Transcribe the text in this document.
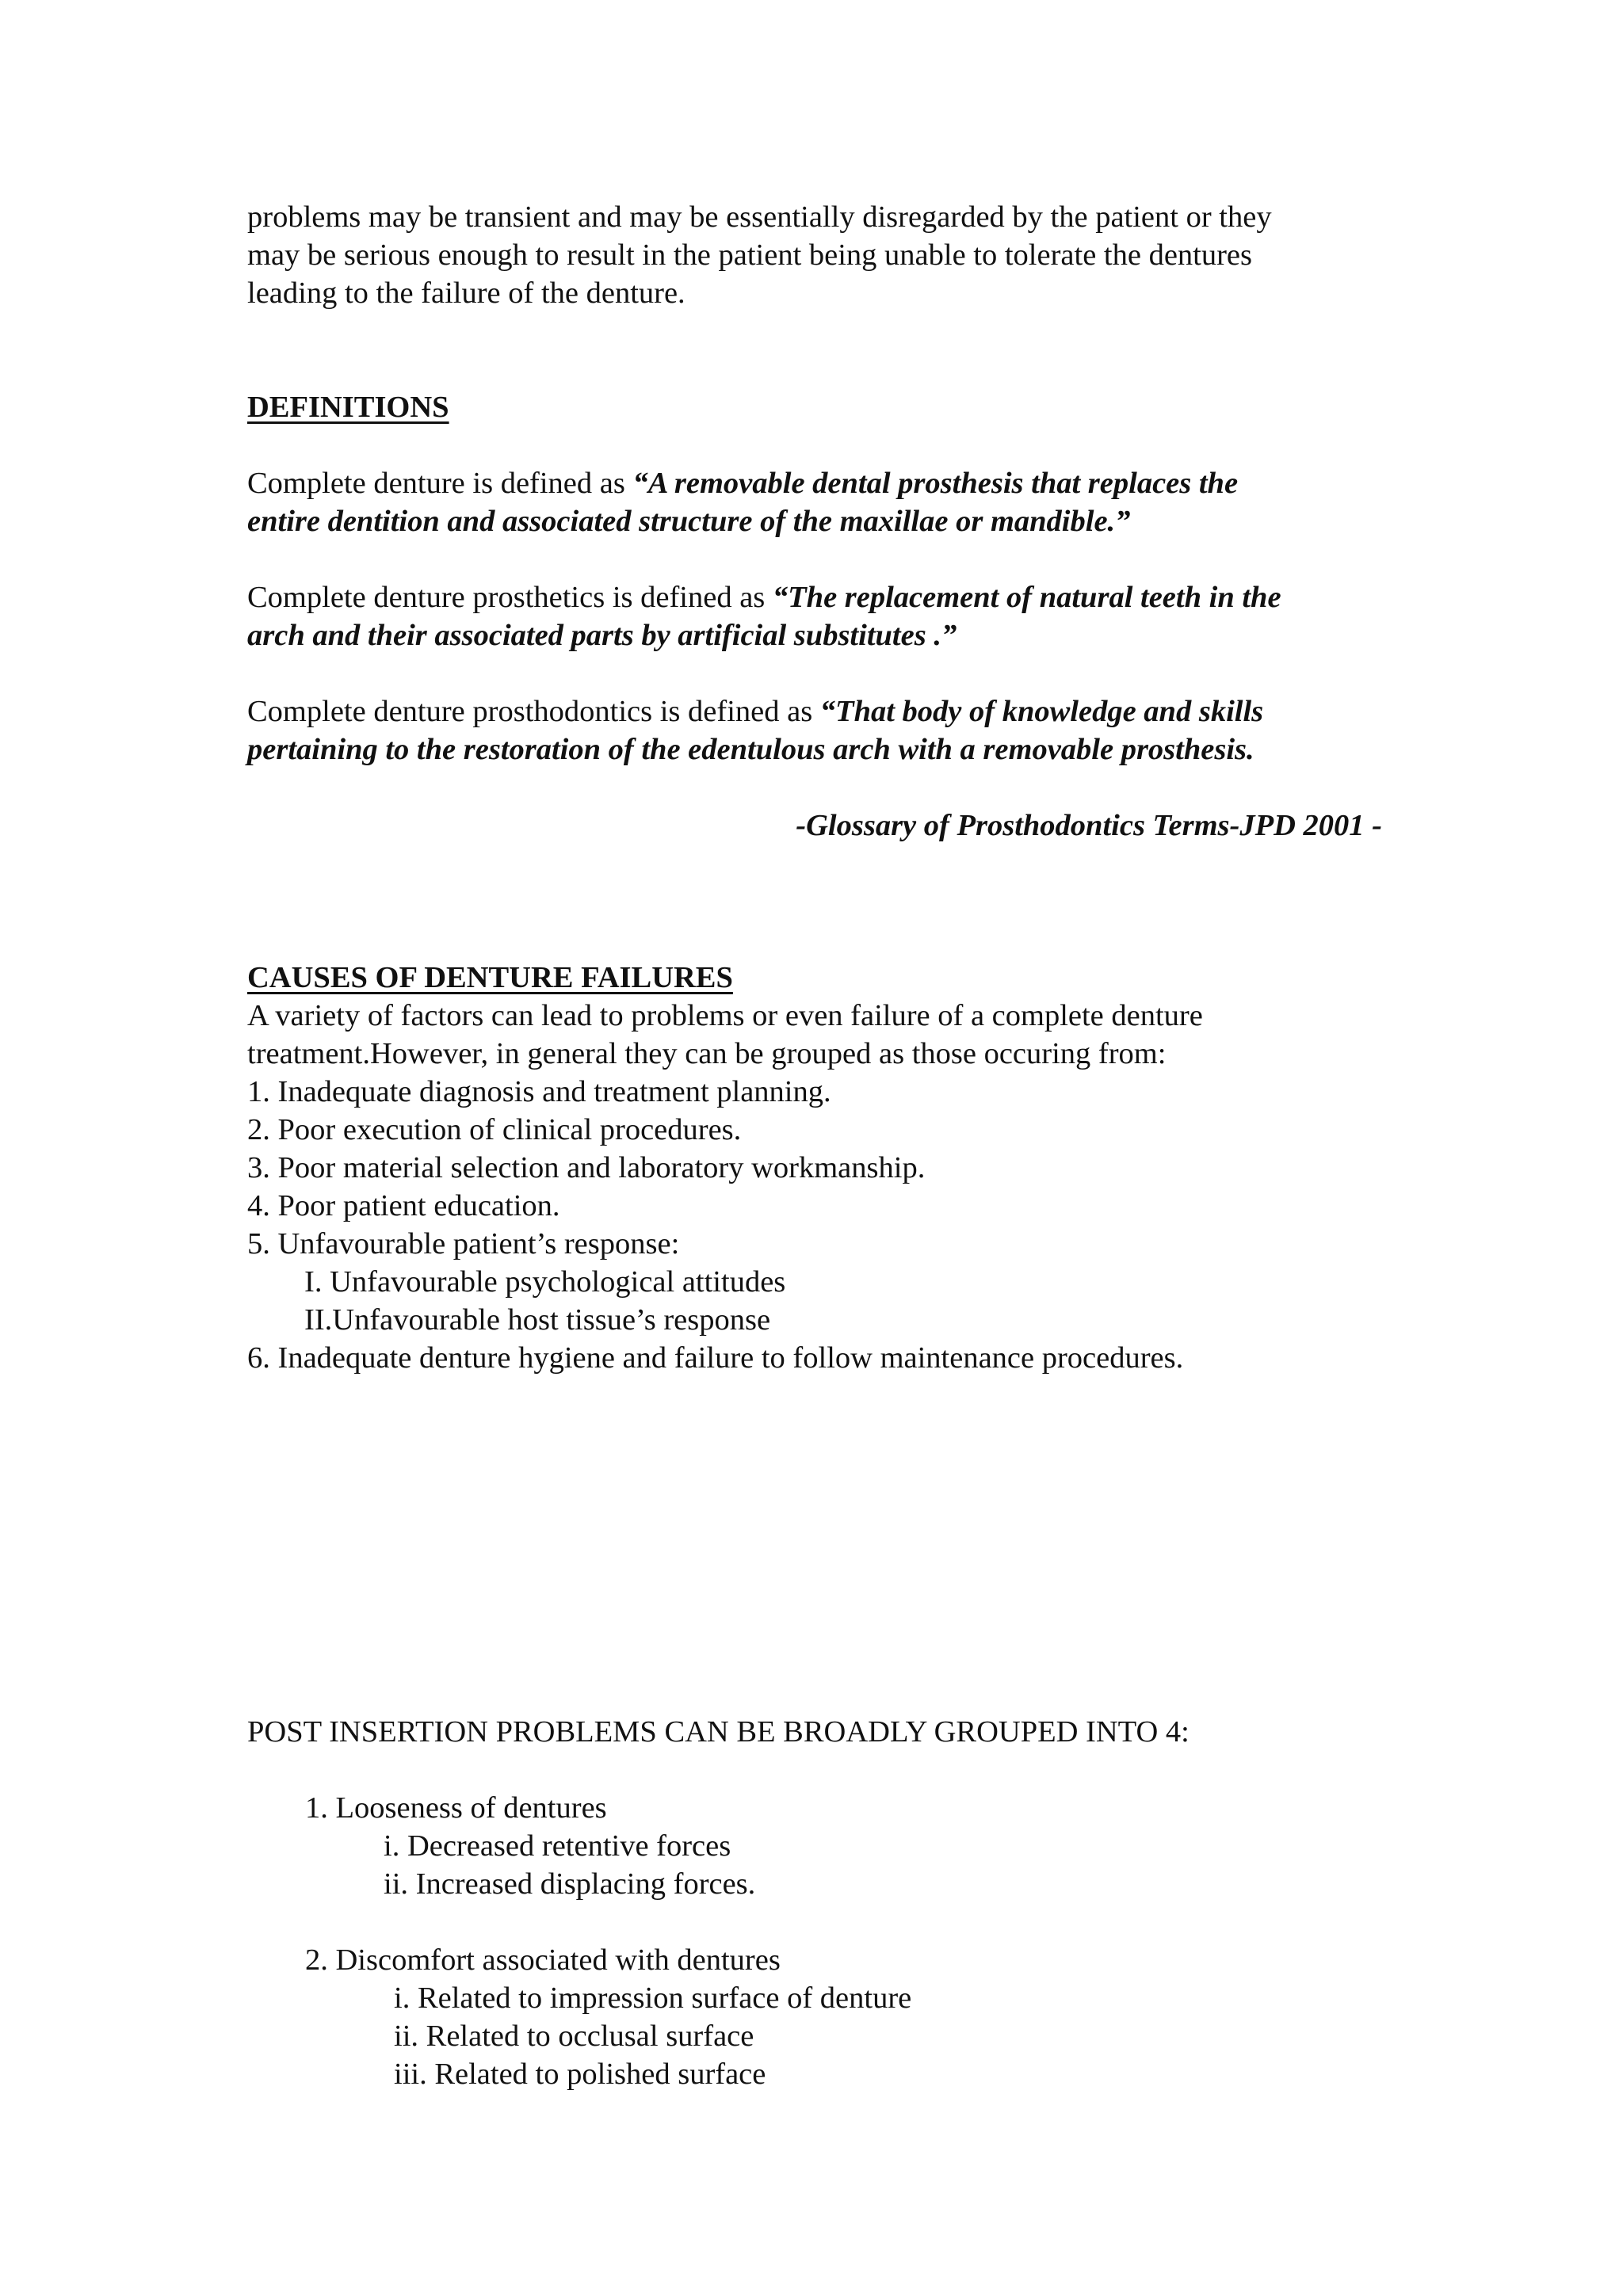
problems may be transient and may be essentially disregarded by the patient or they
may be serious enough to result in the patient being unable to tolerate the dentures
leading to the failure of the denture.
DEFINITIONS
Complete denture is defined as “A removable dental prosthesis that replaces the
entire dentition and associated structure of the maxillae or mandible.”
Complete denture prosthetics is defined as “The replacement of natural teeth in the
arch and their associated parts by artificial substitutes .”
Complete denture prosthodontics is defined as “That body of knowledge and skills
pertaining to the restoration of the edentulous arch with a removable prosthesis.
-Glossary of Prosthodontics Terms-JPD 2001 -
CAUSES OF DENTURE FAILURES
A variety of factors can lead to problems or even failure of a complete denture
treatment.However, in general they can be grouped as those occuring from:
1. Inadequate diagnosis and treatment planning.
2. Poor execution of clinical procedures.
3. Poor material selection and laboratory workmanship.
4. Poor patient education.
5. Unfavourable patient’s response:
I. Unfavourable psychological attitudes
II.Unfavourable host tissue’s response
6. Inadequate denture hygiene and failure to follow maintenance procedures.
POST INSERTION PROBLEMS CAN BE BROADLY GROUPED INTO 4:
1. Looseness of dentures
i. Decreased retentive forces
ii. Increased displacing forces.
2. Discomfort associated with dentures
i. Related to impression surface of denture
ii. Related to occlusal surface
iii. Related to polished surface
